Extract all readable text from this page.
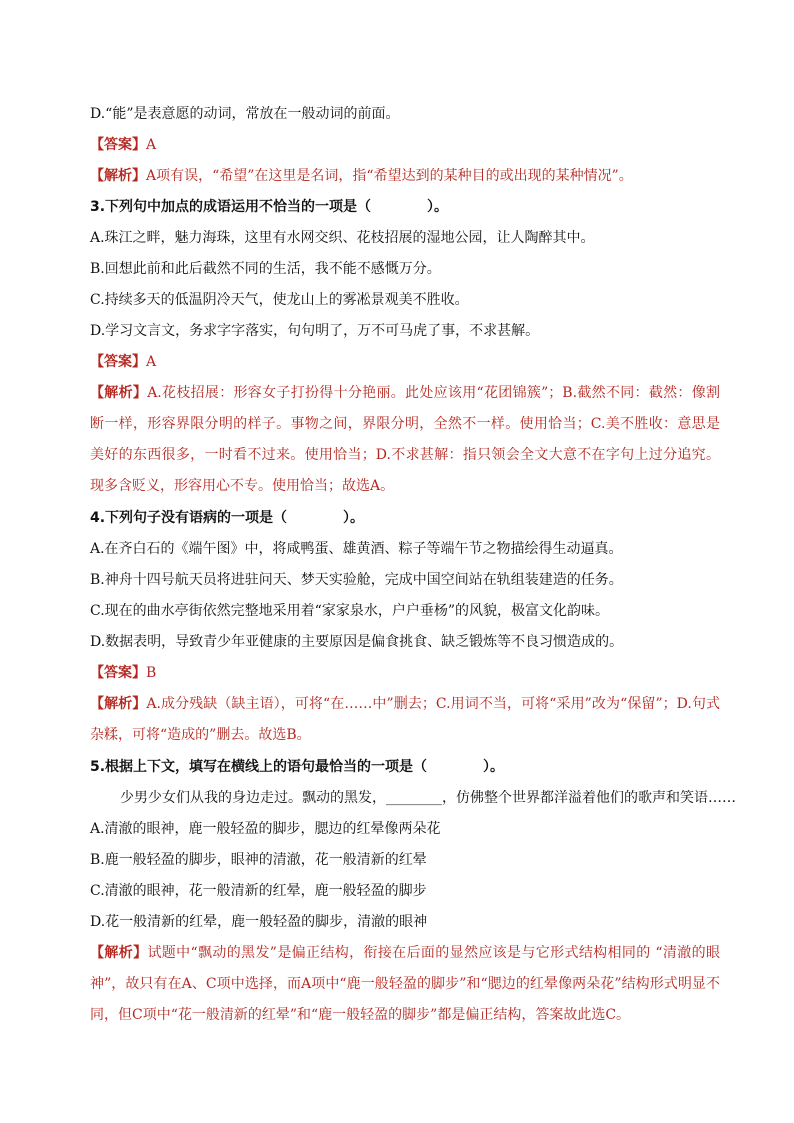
D.“能”是表意愿的动词，常放在一般动词的前面。
【答案】A
【解析】A项有误，“希望”在这里是名词，指“希望达到的某种目的或出现的某种情况”。
3.下列句中加点的成语运用不恰当的一项是（　　　　）。
A.珠江之畔，魅力海珠，这里有水网交织、花枝招展的湿地公园，让人陶醉其中。
B.回想此前和此后截然不同的生活，我不能不感慨万分。
C.持续多天的低温阴冷天气，使龙山上的雾凇景观美不胜收。
D.学习文言文，务求字字落实，句句明了，万不可马虎了事，不求甚解。
【答案】A
【解析】A.花枝招展：形容女子打扮得十分艳丽。此处应该用“花团锦簇”；B.截然不同：截然：像割断一样，形容界限分明的样子。事物之间，界限分明，全然不一样。使用恰当；C.美不胜收：意思是美好的东西很多，一时看不过来。使用恰当；D.不求甚解：指只领会全文大意不在字句上过分追究。现多含贬义，形容用心不专。使用恰当；故选A。
4.下列句子没有语病的一项是（　　　　）。
A.在齐白石的《端午图》中，将咸鸭蛋、雄黄酒、粽子等端午节之物描绘得生动逼真。
B.神舟十四号航天员将进驻问天、梦天实验舱，完成中国空间站在轨组装建造的任务。
C.现在的曲水亭街依然完整地采用着“家家泉水，户户垂杨”的风貌，极富文化韵味。
D.数据表明，导致青少年亚健康的主要原因是偏食挑食、缺乏锻炼等不良习惯造成的。
【答案】B
【解析】A.成分残缺（缺主语），可将“在……中”删去；C.用词不当，可将“采用”改为“保留”；D.句式杂糅，可将“造成的”删去。故选B。
5.根据上下文，填写在横线上的语句最恰当的一项是（　　　　）。
少男少女们从我的身边走过。飘动的黑发，________，仿佛整个世界都洋溢着他们的歌声和笑语……
A.清澈的眼神，鹿一般轻盈的脚步，腮边的红晕像两朵花
B.鹿一般轻盈的脚步，眼神的清澈，花一般清新的红晕
C.清澈的眼神，花一般清新的红晕，鹿一般轻盈的脚步
D.花一般清新的红晕，鹿一般轻盈的脚步，清澈的眼神
【解析】试题中“飘动的黑发”是偏正结构，衔接在后面的显然应该是与它形式结构相同的 “清澈的眼神”，故只有在A、C项中选择，而A项中“鹿一般轻盈的脚步”和“腮边的红晕像两朵花”结构形式明显不同，但C项中“花一般清新的红晕”和“鹿一般轻盈的脚步”都是偏正结构，答案故此选C。
